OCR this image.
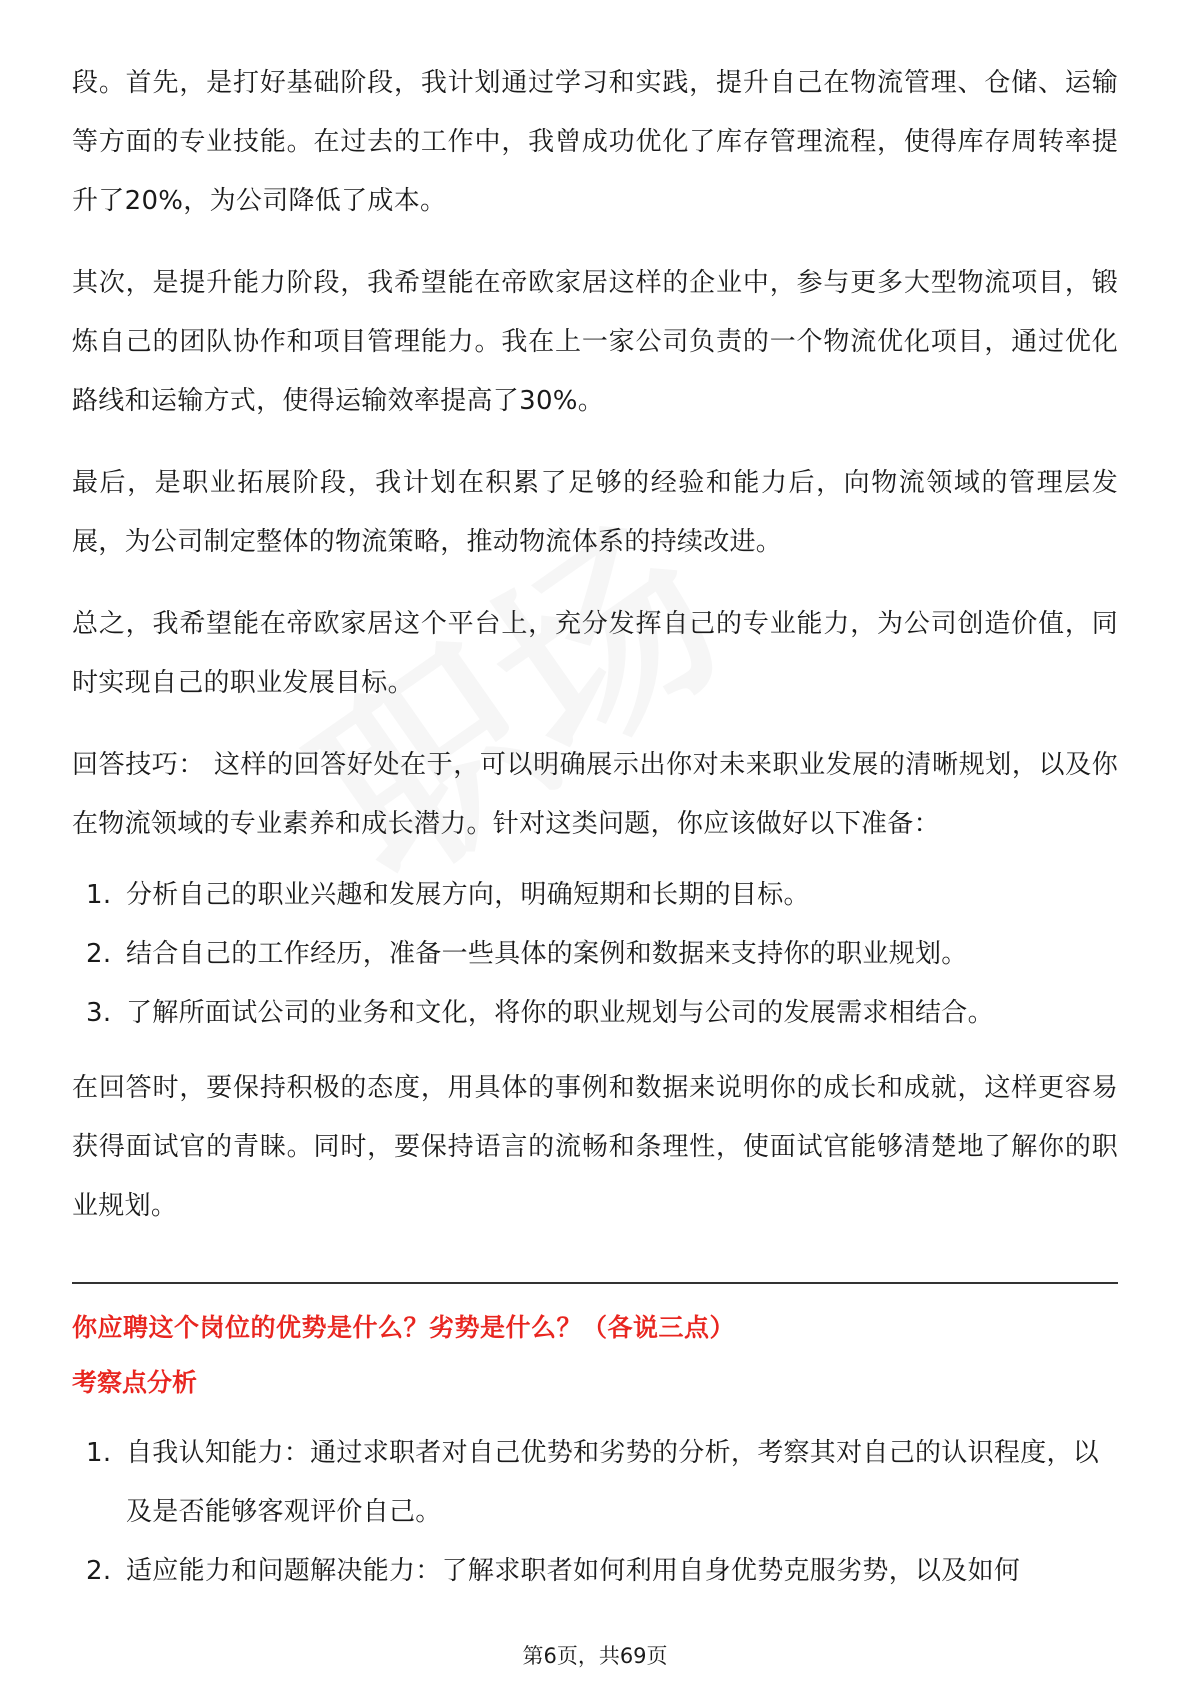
段。首先，是打好基础阶段，我计划通过学习和实践，提升自己在物流管理、仓储、运输等方面的专业技能。在过去的工作中，我曾成功优化了库存管理流程，使得库存周转率提升了20%，为公司降低了成本。

其次，是提升能力阶段，我希望能在帝欧家居这样的企业中，参与更多大型物流项目，锻炼自己的团队协作和项目管理能力。我在上一家公司负责的一个物流优化项目，通过优化路线和运输方式，使得运输效率提高了30%。

最后，是职业拓展阶段，我计划在积累了足够的经验和能力后，向物流领域的管理层发展，为公司制定整体的物流策略，推动物流体系的持续改进。

总之，我希望能在帝欧家居这个平台上，充分发挥自己的专业能力，为公司创造价值，同时实现自己的职业发展目标。

回答技巧： 这样的回答好处在于，可以明确展示出你对未来职业发展的清晰规划，以及你在物流领域的专业素养和成长潜力。针对这类问题，你应该做好以下准备：

1. 分析自己的职业兴趣和发展方向，明确短期和长期的目标。
2. 结合自己的工作经历，准备一些具体的案例和数据来支持你的职业规划。
3. 了解所面试公司的业务和文化，将你的职业规划与公司的发展需求相结合。

在回答时，要保持积极的态度，用具体的事例和数据来说明你的成长和成就，这样更容易获得面试官的青睐。同时，要保持语言的流畅和条理性，使面试官能够清楚地了解你的职业规划。

你应聘这个岗位的优势是什么？劣势是什么？（各说三点）

考察点分析

1. 自我认知能力：通过求职者对自己优势和劣势的分析，考察其对自己的认识程度，以及是否能够客观评价自己。
2. 适应能力和问题解决能力：了解求职者如何利用自身优势克服劣势，以及如何
第6页，共69页
